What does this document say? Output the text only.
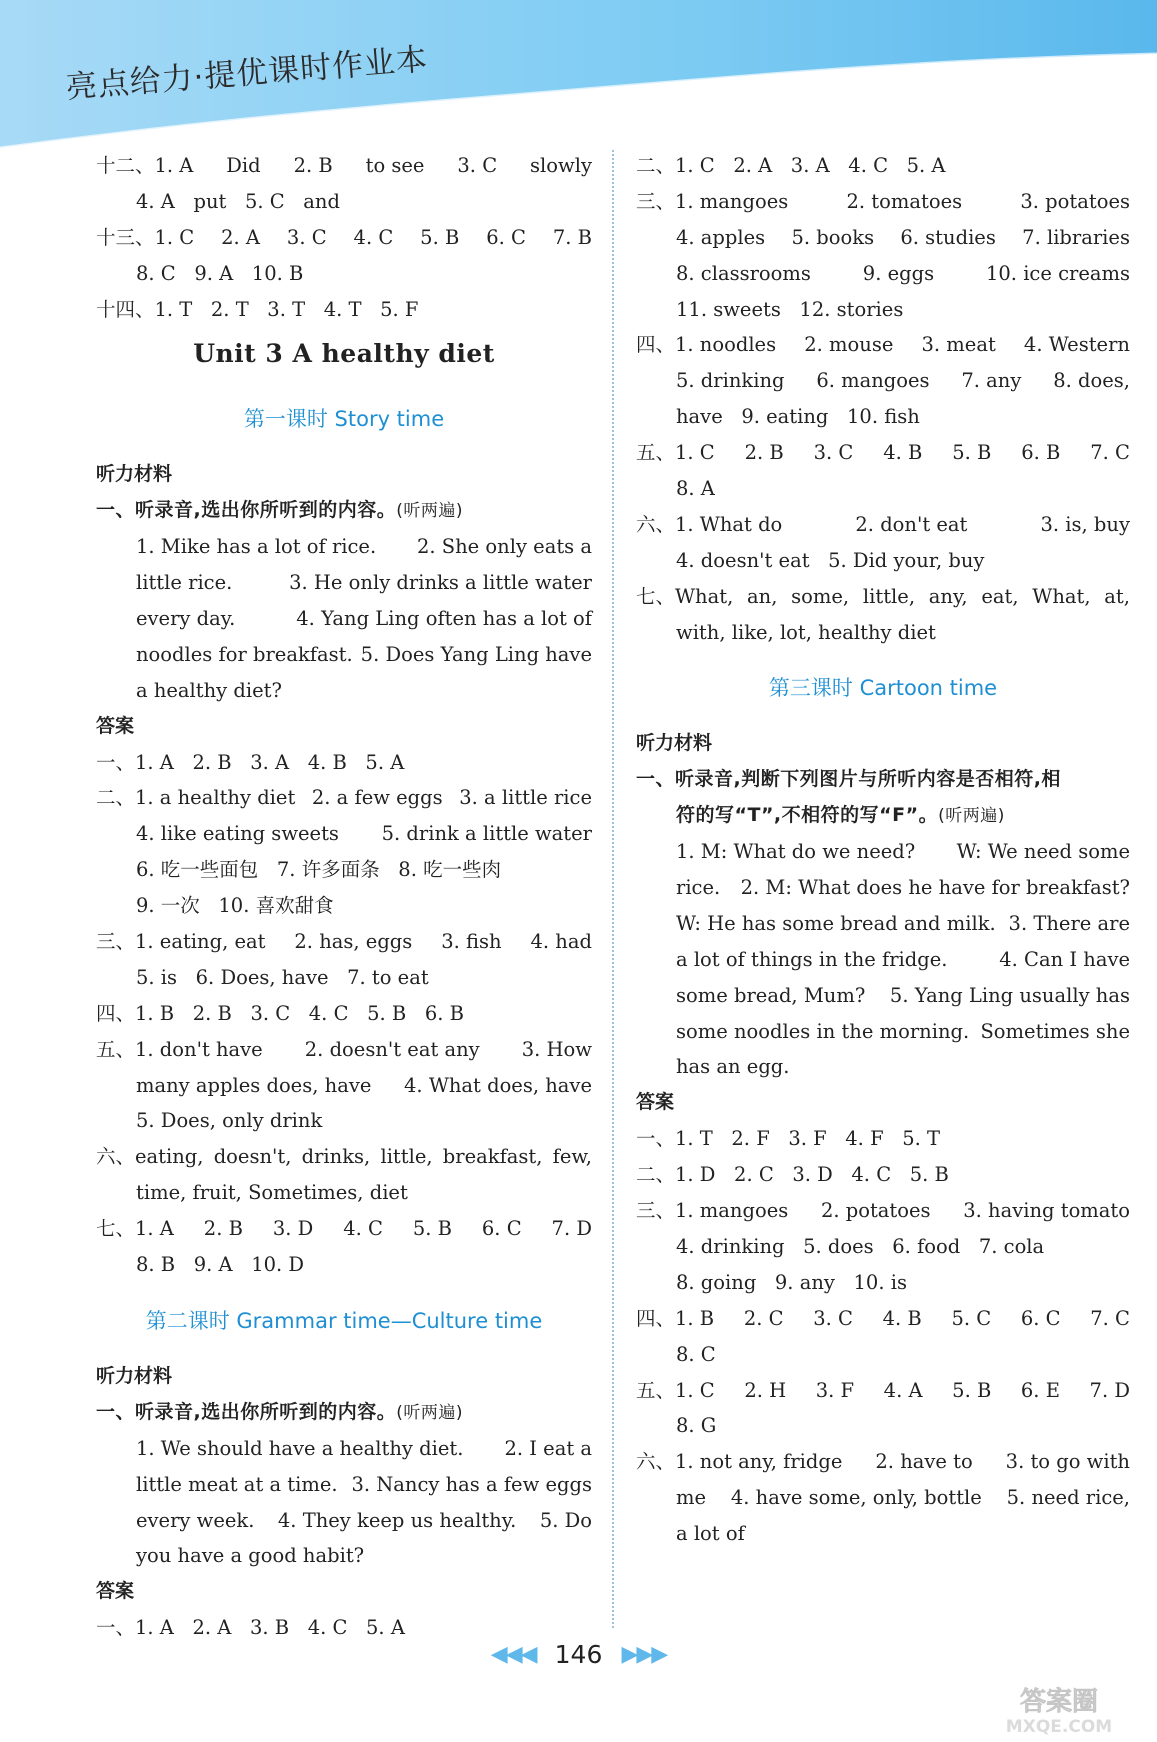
亮点给力·提优课时作业本
十二、1. A Did 2. B to see 3. C slowly
4. A   put   5. C   and
十三、1. C 2. A 3. C 4. C 5. B 6. C 7. B
8. C   9. A   10. B
十四、1. T   2. T   3. T   4. T   5. F
Unit 3 A healthy diet
第一课时 Story time
听力材料
一、听录音,选出你所听到的内容。(听两遍)
1. Mike has a lot of rice. 2. She only eats a
little rice.	3. He only drinks a little water
every day.	4. Yang Ling often has a lot of
noodles for breakfast. 5. Does Yang Ling have
a healthy diet?
答案
一、1. A   2. B   3. A   4. B   5. A
二、1. a healthy diet 2. a few eggs 3. a little rice
4. like eating sweets 5. drink a little water
6. 吃一些面包   7. 许多面条   8. 吃一些肉
9. 一次   10. 喜欢甜食
三、1. eating, eat 2. has, eggs 3. fish 4. had
5. is   6. Does, have   7. to eat
四、1. B   2. B   3. C   4. C   5. B   6. B
五、1. don't have 2. doesn't eat any 3. How
many apples does, have 4. What does, have
5. Does, only drink
六、eating, doesn't, drinks, little, breakfast, few,
time, fruit, Sometimes, diet
七、1. A 2. B 3. D 4. C 5. B 6. C 7. D
8. B   9. A   10. D
第二课时 Grammar time—Culture time
听力材料
一、听录音,选出你所听到的内容。(听两遍)
1. We should have a healthy diet. 2. I eat a
little meat at a time. 3. Nancy has a few eggs
every week. 4. They keep us healthy. 5. Do
you have a good habit?
答案
一、1. A   2. A   3. B   4. C   5. A
二、1. C   2. A   3. A   4. C   5. A
三、1. mangoes	2. tomatoes	3. potatoes
4. apples 5. books 6. studies 7. libraries
8. classrooms	9. eggs	10. ice creams
11. sweets   12. stories
四、1. noodles 2. mouse 3. meat 4. Western
5. drinking 6. mangoes 7. any 8. does,
have   9. eating   10. fish
五、1. C 2. B 3. C 4. B 5. B 6. B 7. C
8. A
六、1. What do	2. don't eat	3. is, buy
4. doesn't eat   5. Did your, buy
七、What, an, some, little, any, eat, What, at,
with, like, lot, healthy diet
第三课时 Cartoon time
听力材料
一、听录音,判断下列图片与所听内容是否相符,相
符的写“T”,不相符的写“F”。(听两遍)
1. M: What do we need? W: We need some
rice. 2. M: What does he have for breakfast?
W: He has some bread and milk. 3. There are
a lot of things in the fridge.	4. Can I have
some bread, Mum? 5. Yang Ling usually has
some noodles in the morning. Sometimes she
has an egg.
答案
一、1. T   2. F   3. F   4. F   5. T
二、1. D   2. C   3. D   4. C   5. B
三、1. mangoes 2. potatoes 3. having tomato
4. drinking   5. does   6. food   7. cola
8. going   9. any   10. is
四、1. B 2. C 3. C 4. B 5. C 6. C 7. C
8. C
五、1. C 2. H 3. F 4. A 5. B 6. E 7. D
8. G
六、1. not any, fridge 2. have to 3. to go with
me 4. have some, only, bottle 5. need rice,
a lot of
◀◀◀ 146 ▶▶▶
答案圈
MXQE.COM
